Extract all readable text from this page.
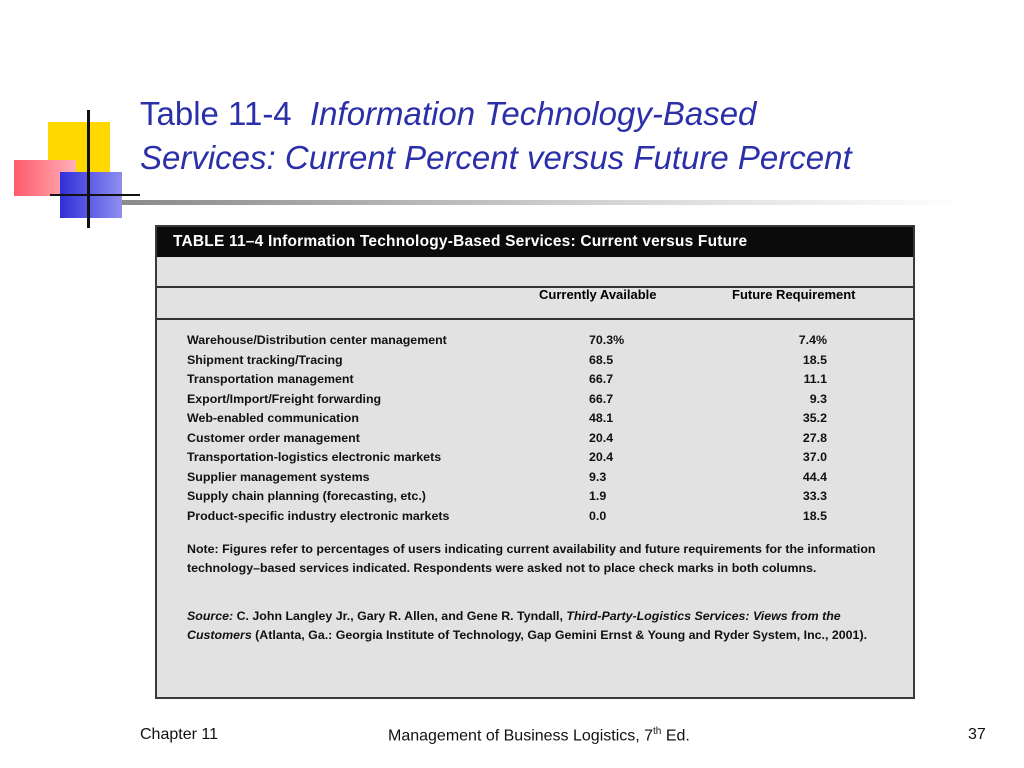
Table 11-4 Information Technology-Based
Services: Current Percent versus Future Percent
TABLE 11–4 Information Technology-Based Services: Current versus Future
Currently Available	Future Requirement
Warehouse/Distribution center management	70.3%	7.4%
Shipment tracking/Tracing	68.5	18.5
Transportation management	66.7	11.1
Export/Import/Freight forwarding	66.7	9.3
Web-enabled communication	48.1	35.2
Customer order management	20.4	27.8
Transportation-logistics electronic markets	20.4	37.0
Supplier management systems	9.3	44.4
Supply chain planning (forecasting, etc.)	1.9	33.3
Product-specific industry electronic markets	0.0	18.5
Note: Figures refer to percentages of users indicating current availability and future requirements for the information technology–based services indicated. Respondents were asked not to place check marks in both columns.
Source: C. John Langley Jr., Gary R. Allen, and Gene R. Tyndall, Third-Party-Logistics Services: Views from the Customers (Atlanta, Ga.: Georgia Institute of Technology, Gap Gemini Ernst & Young and Ryder System, Inc., 2001).
Chapter 11	Management of Business Logistics, 7th Ed.	37
